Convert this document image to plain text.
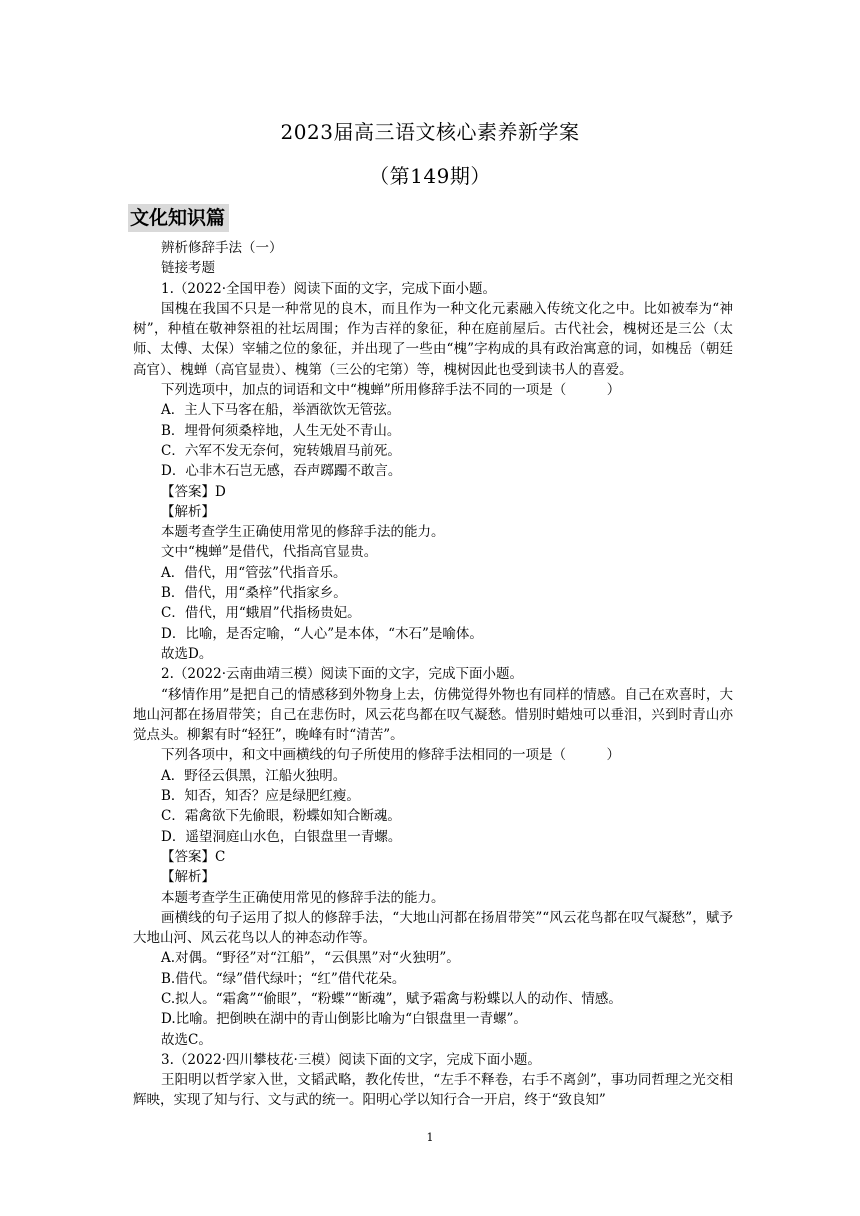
2023届高三语文核心素养新学案
（第149期）
文化知识篇

辨析修辞手法（一）

链接考题

1.（2022·全国甲卷）阅读下面的文字，完成下面小题。

国槐在我国不只是一种常见的良木，而且作为一种文化元素融入传统文化之中。比如被奉为“神树”，种植在敬神祭祖的社坛周围；作为吉祥的象征，种在庭前屋后。古代社会，槐树还是三公（太师、太傅、太保）宰辅之位的象征，并出现了一些由“槐”字构成的具有政治寓意的词，如槐岳（朝廷高官）、槐蝉（高官显贵）、槐第（三公的宅第）等，槐树因此也受到读书人的喜爱。

下列选项中，加点的词语和文中“槐蝉”所用修辞手法不同的一项是（　　　）

A．主人下马客在船，举酒欲饮无管弦。

B．埋骨何须桑梓地，人生无处不青山。

C．六军不发无奈何，宛转娥眉马前死。

D．心非木石岂无感，吞声踯躅不敢言。

【答案】D

【解析】

本题考查学生正确使用常见的修辞手法的能力。

文中“槐蝉”是借代，代指高官显贵。

A．借代，用“管弦”代指音乐。

B．借代，用“桑梓”代指家乡。

C．借代，用“蛾眉”代指杨贵妃。

D．比喻，是否定喻，“人心”是本体，“木石”是喻体。

故选D。

2.（2022·云南曲靖三模）阅读下面的文字，完成下面小题。

“移情作用”是把自己的情感移到外物身上去，仿佛觉得外物也有同样的情感。自己在欢喜时，大地山河都在扬眉带笑；自己在悲伤时，风云花鸟都在叹气凝愁。惜别时蜡烛可以垂泪，兴到时青山亦觉点头。柳絮有时“轻狂”，晚峰有时“清苦”。

下列各项中，和文中画横线的句子所使用的修辞手法相同的一项是（　　　）

A．野径云俱黑，江船火独明。

B．知否，知否？应是绿肥红瘦。

C．霜禽欲下先偷眼，粉蝶如知合断魂。

D．遥望洞庭山水色，白银盘里一青螺。

【答案】C

【解析】

本题考查学生正确使用常见的修辞手法的能力。

画横线的句子运用了拟人的修辞手法，“大地山河都在扬眉带笑”“风云花鸟都在叹气凝愁”，赋予大地山河、风云花鸟以人的神态动作等。

A.对偶。“野径”对“江船”，“云俱黑”对“火独明”。

B.借代。“绿”借代绿叶；“红”借代花朵。

C.拟人。“霜禽”“偷眼”，“粉蝶”“断魂”，赋予霜禽与粉蝶以人的动作、情感。

D.比喻。把倒映在湖中的青山倒影比喻为“白银盘里一青螺”。

故选C。

3.（2022·四川攀枝花·三模）阅读下面的文字，完成下面小题。

王阳明以哲学家入世，文韬武略，教化传世，“左手不释卷，右手不离剑”，事功同哲理之光交相辉映，实现了知与行、文与武的统一。阳明心学以知行合一开启，终于“致良知”

1
